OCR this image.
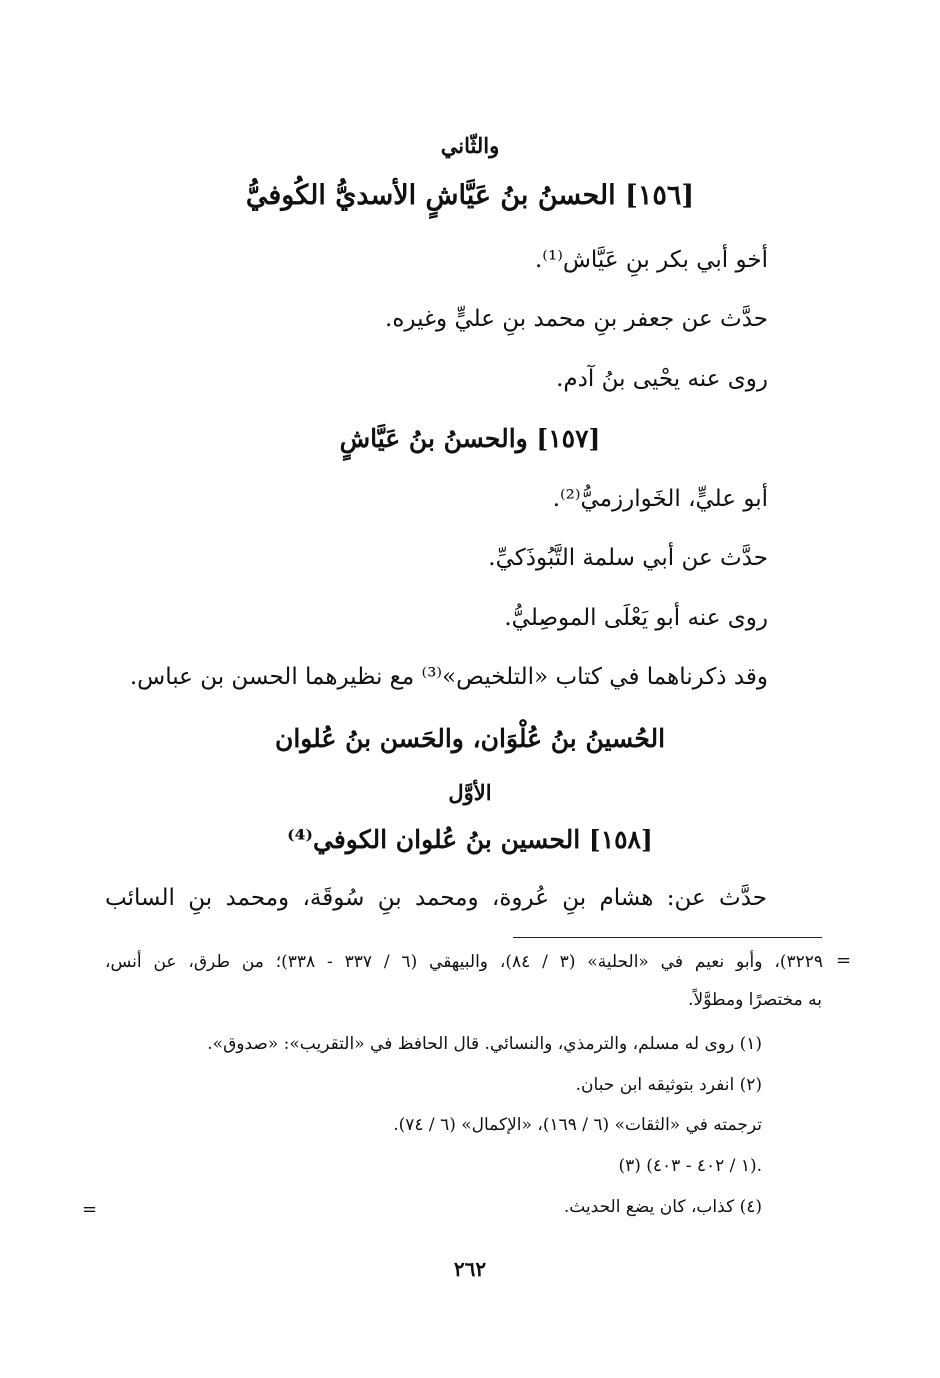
والثّاني
[١٥٦] الحسنُ بنُ عَيَّاشٍ الأسديُّ الكُوفيُّ
أخو أبي بكر بنِ عَيَّاش⁽¹⁾.
حدَّث عن جعفر بنِ محمد بنِ عليٍّ وغيره.
روى عنه يحْيى بنُ آدم.
[١٥٧] والحسنُ بنُ عَيَّاشٍ
أبو عليٍّ، الخَوارزميُّ⁽²⁾.
حدَّث عن أبي سلمة التَّبُوذَكيِّ.
روى عنه أبو يَعْلَى الموصِليُّ.
وقد ذكرناهما في كتاب «التلخيص»⁽³⁾ مع نظيرهما الحسن بن عباس.
الحُسينُ بنُ عُلْوَان، والحَسن بنُ عُلوان
الأوَّل
[١٥٨] الحسين بنُ عُلوان الكوفي⁽⁴⁾
حدَّث عن: هشام بنِ عُروة، ومحمد بنِ سُوقَة، ومحمد بنِ السائب
=
٣٢٢٩)، وأبو نعيم في «الحلية» (٣ / ٨٤)، والبيهقي (٦ / ٣٣٧ - ٣٣٨)؛ من طرق، عن أنس،
به مختصرًا ومطوَّلاً.
(١) روى له مسلم، والترمذي، والنسائي. قال الحافظ في «التقريب»: «صدوق».
(٢) انفرد بتوثيقه ابن حبان.
ترجمته في «الثقات» (٦ / ١٦٩)، «الإكمال» (٦ / ٧٤).
(٣) (١ / ٤٠٢ - ٤٠٣).
(٤) كذاب، كان يضع الحديث.
=
٢٦٢
